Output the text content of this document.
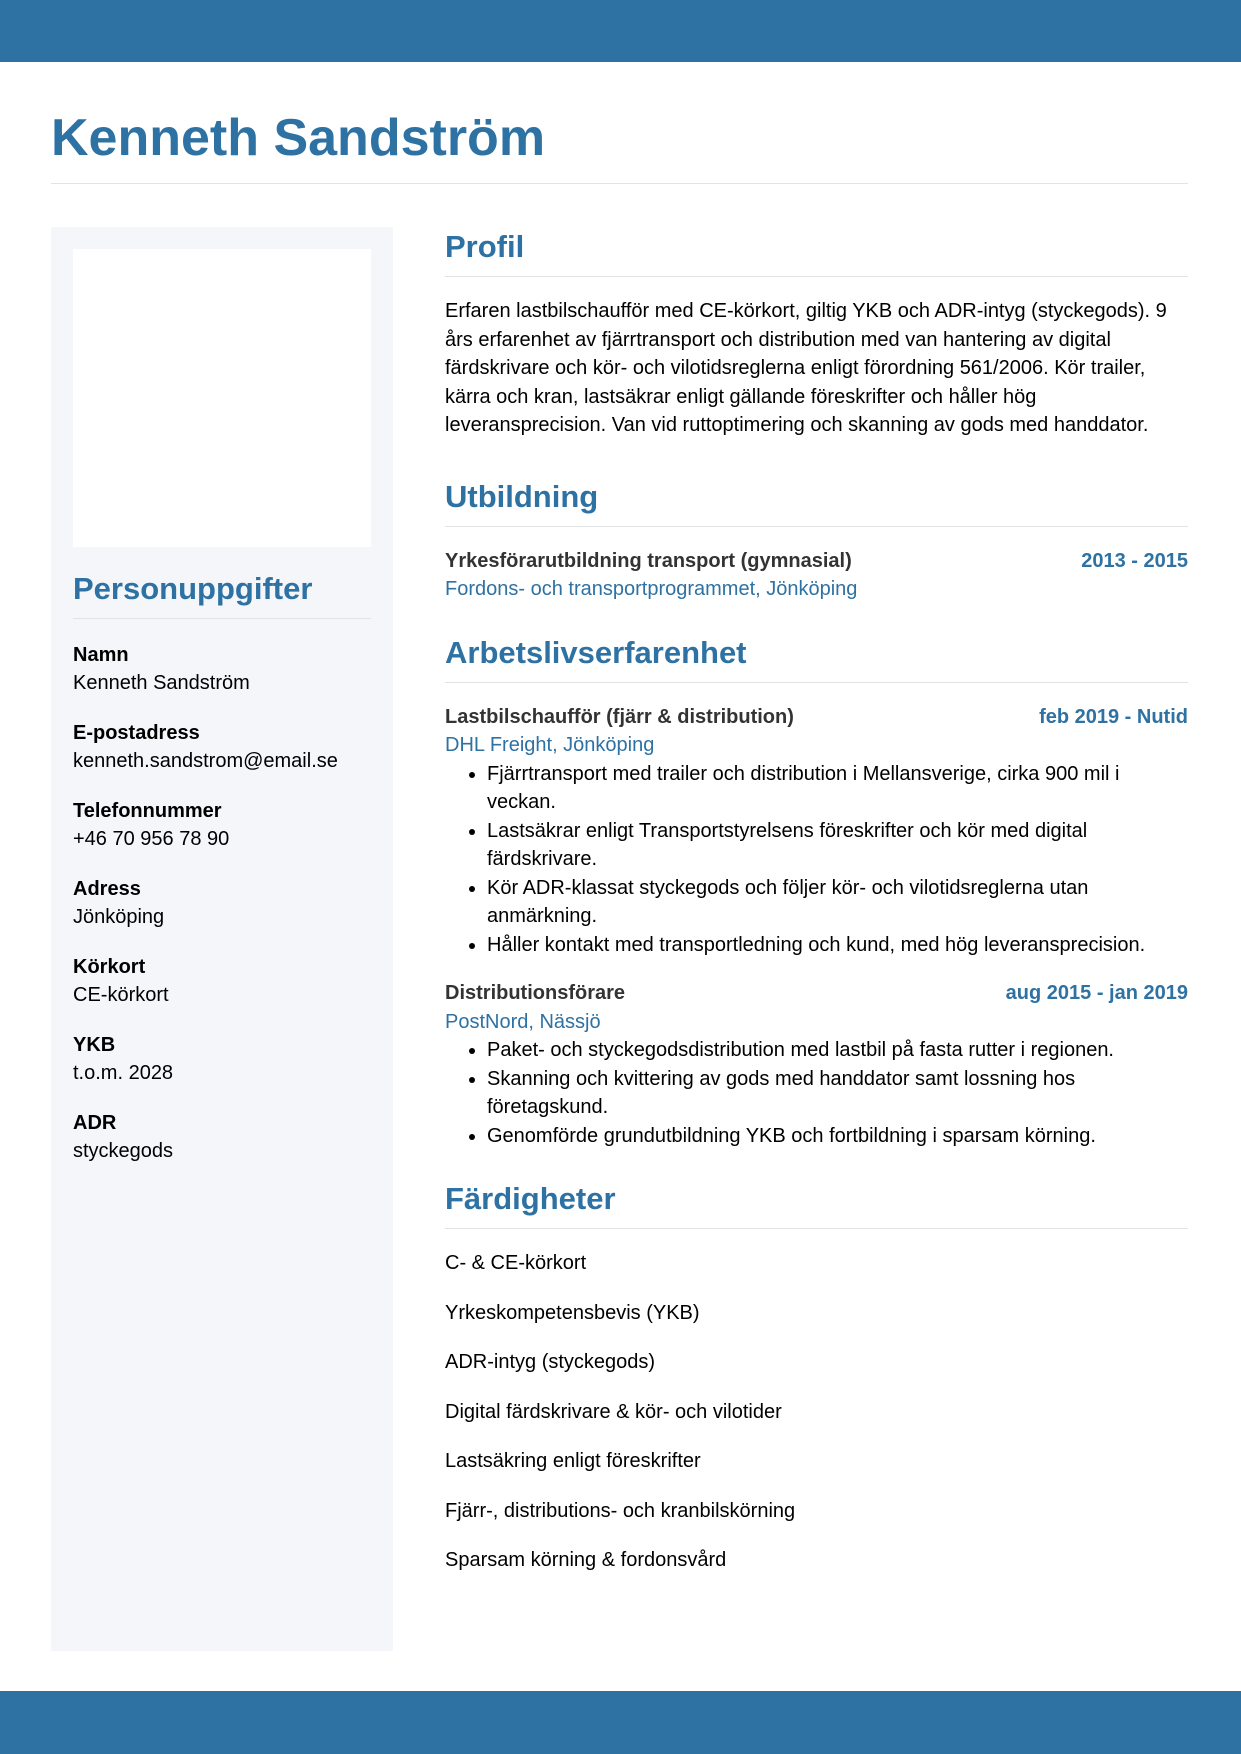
Kenneth Sandström
Personuppgifter
Namn
Kenneth Sandström
E-postadress
kenneth.sandstrom@email.se
Telefonnummer
+46 70 956 78 90
Adress
Jönköping
Körkort
CE-körkort
YKB
t.o.m. 2028
ADR
styckegods
Profil

Erfaren lastbilschaufför med CE-körkort, giltig YKB och ADR-intyg (styckegods). 9 års erfarenhet av fjärrtransport och distribution med van hantering av digital färdskrivare och kör- och vilotidsreglerna enligt förordning 561/2006. Kör trailer, kärra och kran, lastsäkrar enligt gällande föreskrifter och håller hög leveransprecision. Van vid ruttoptimering och skanning av gods med handdator.

Utbildning
Yrkesförarutbildning transport (gymnasial)	2013 - 2015
Fordons- och transportprogrammet, Jönköping
Arbetslivserfarenhet
Lastbilschaufför (fjärr & distribution)	feb 2019 - Nutid
DHL Freight, Jönköping
• Fjärrtransport med trailer och distribution i Mellansverige, cirka 900 mil i veckan.
• Lastsäkrar enligt Transportstyrelsens föreskrifter och kör med digital färdskrivare.
• Kör ADR-klassat styckegods och följer kör- och vilotidsreglerna utan anmärkning.
• Håller kontakt med transportledning och kund, med hög leveransprecision.
Distributionsförare	aug 2015 - jan 2019
PostNord, Nässjö
• Paket- och styckegodsdistribution med lastbil på fasta rutter i regionen.
• Skanning och kvittering av gods med handdator samt lossning hos företagskund.
• Genomförde grundutbildning YKB och fortbildning i sparsam körning.
Färdigheter
C- & CE-körkort
Yrkeskompetensbevis (YKB)
ADR-intyg (styckegods)
Digital färdskrivare & kör- och vilotider
Lastsäkring enligt föreskrifter
Fjärr-, distributions- och kranbilskörning
Sparsam körning & fordonsvård
